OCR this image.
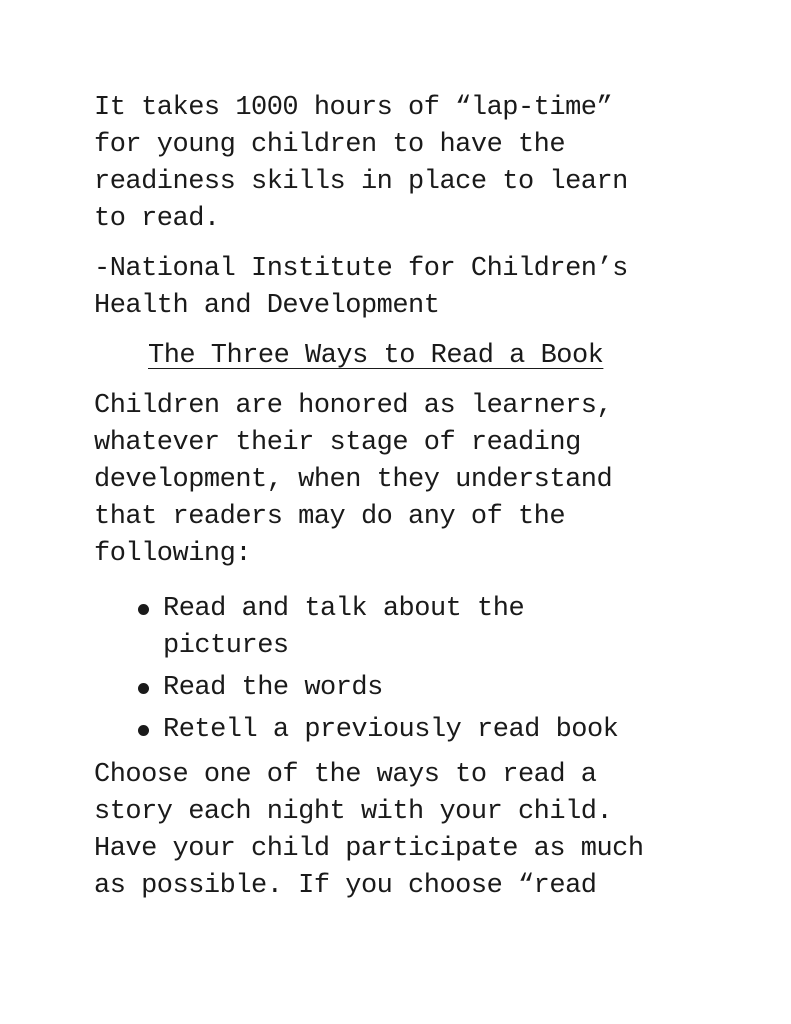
It takes 1000 hours of “lap-time”
for young children to have the
readiness skills in place to learn
to read.

-National Institute for Children’s
Health and Development

The Three Ways to Read a Book

Children are honored as learners,
whatever their stage of reading
development, when they understand
that readers may do any of the
following:

Read and talk about the
pictures
Read the words
Retell a previously read book

Choose one of the ways to read a
story each night with your child.
Have your child participate as much
as possible. If you choose “read
